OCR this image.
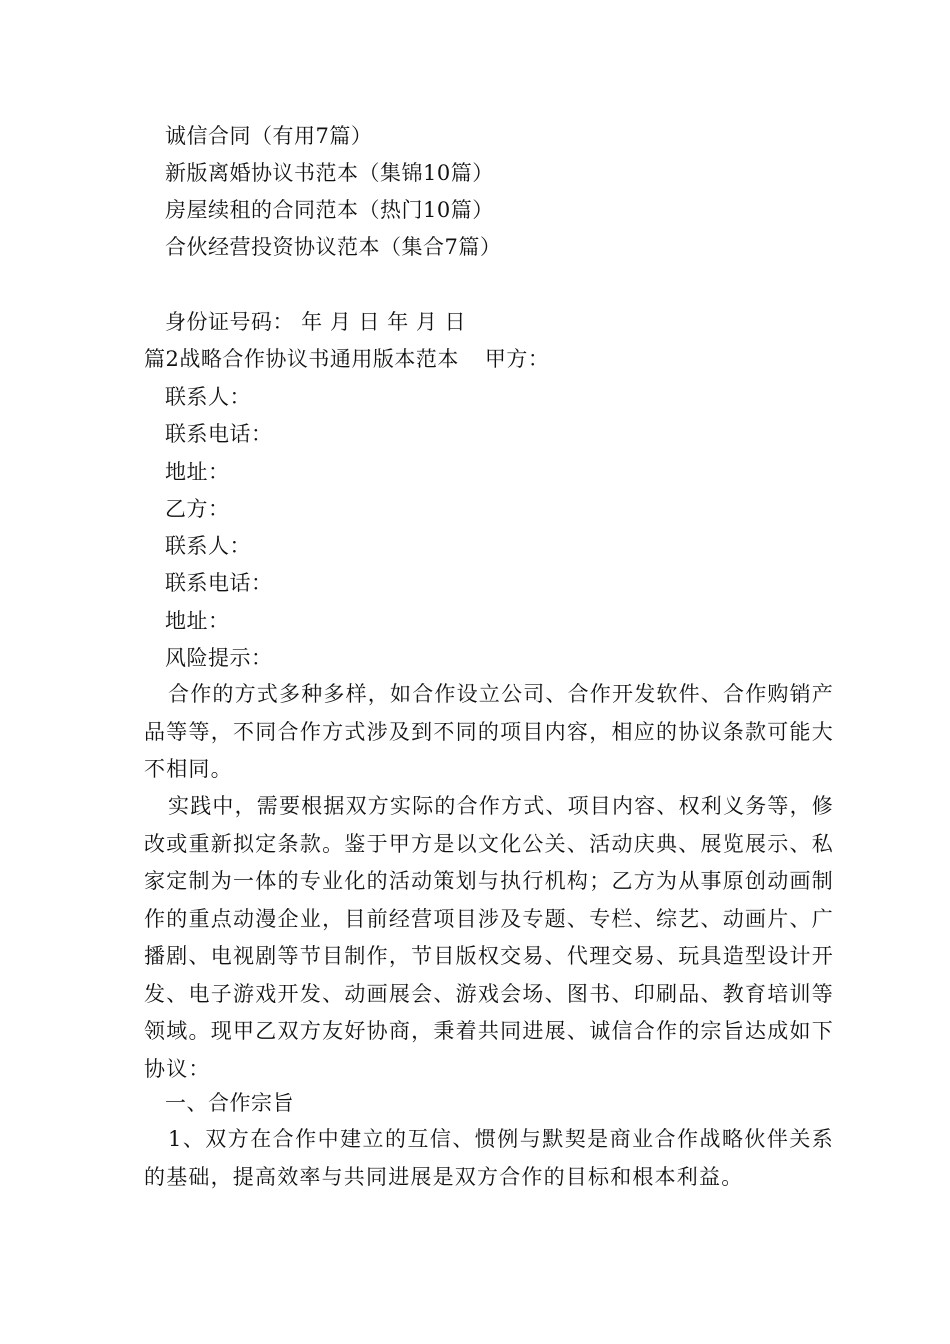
诚信合同（有用7篇）
新版离婚协议书范本（集锦10篇）
房屋续租的合同范本（热门10篇）
合伙经营投资协议范本（集合7篇）
身份证号码： 年 月 日 年 月 日
篇2战略合作协议书通用版本范本 甲方：
联系人：
联系电话：
地址：
乙方：
联系人：
联系电话：
地址：
风险提示：
合作的方式多种多样，如合作设立公司、合作开发软件、合作购销产品等等，不同合作方式涉及到不同的项目内容，相应的协议条款可能大不相同。
实践中，需要根据双方实际的合作方式、项目内容、权利义务等，修改或重新拟定条款。鉴于甲方是以文化公关、活动庆典、展览展示、私家定制为一体的专业化的活动策划与执行机构；乙方为从事原创动画制作的重点动漫企业，目前经营项目涉及专题、专栏、综艺、动画片、广播剧、电视剧等节目制作，节目版权交易、代理交易、玩具造型设计开发、电子游戏开发、动画展会、游戏会场、图书、印刷品、教育培训等领域。现甲乙双方友好协商，秉着共同进展、诚信合作的宗旨达成如下协议：
一、合作宗旨
1、双方在合作中建立的互信、惯例与默契是商业合作战略伙伴关系的基础，提高效率与共同进展是双方合作的目标和根本利益。
